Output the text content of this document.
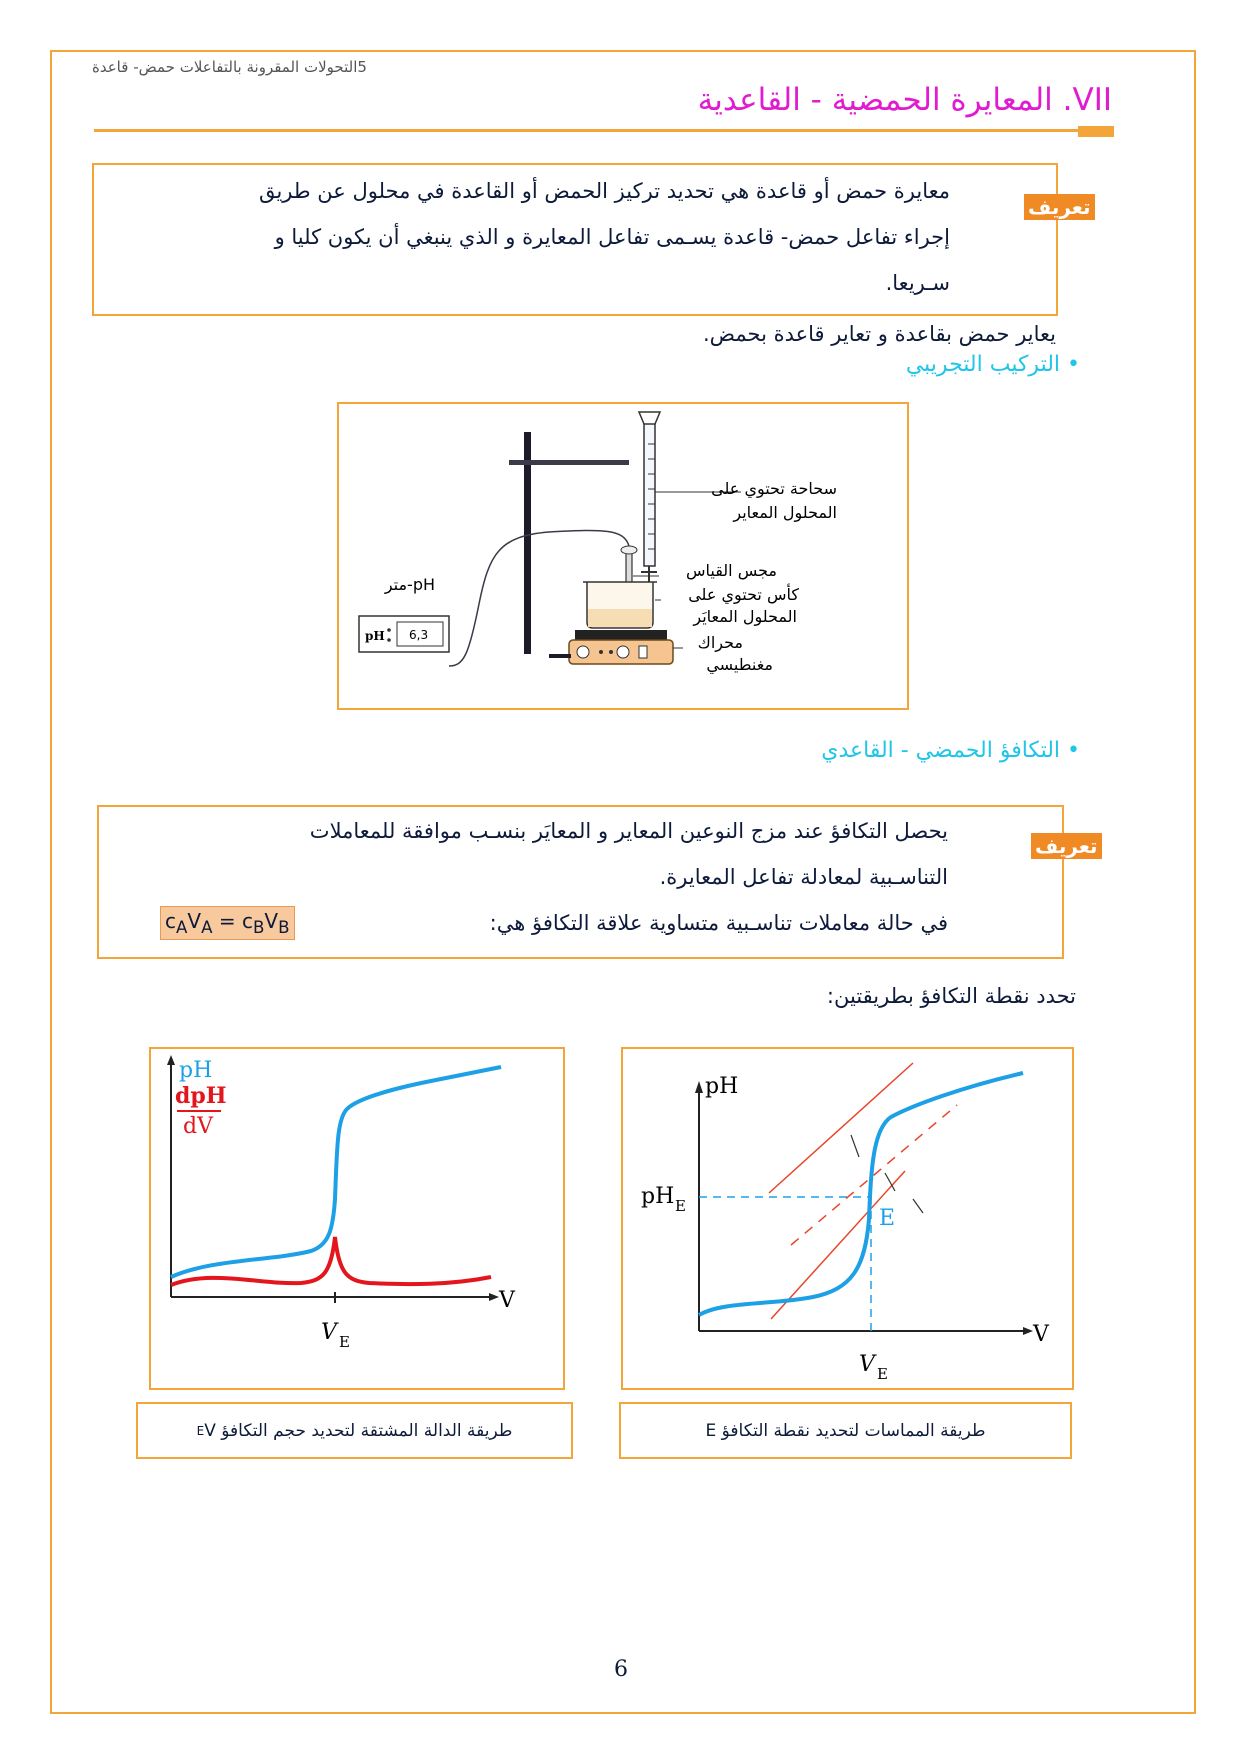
5التحولات المقرونة بالتفاعلات حمض- قاعدة
VII. المعايرة الحمضية - القاعدية
تعريف
معايرة حمض أو قاعدة هي تحديد تركيز الحمض أو القاعدة في محلول عن طريق
إجراء تفاعل حمض- قاعدة يسـمى تفاعل المعايرة و الذي ينبغي أن يكون كليا و
سـريعا.
يعاير حمض بقاعدة و تعاير قاعدة بحمض.
• التركيب التجريبي
pH 6,3
pH-متر
سحاحة تحتوي على
المحلول المعاير
مجس القياس
كأس تحتوي على
المحلول المعايَر
محراك
مغنطيسي
• التكافؤ الحمضي - القاعدي
تعريف
يحصل التكافؤ عند مزج النوعين المعاير و المعايَر بنسـب موافقة للمعاملات
التناسـبية لمعادلة تفاعل المعايرة.
في حالة معاملات تناسـبية متساوية علاقة التكافؤ هي:
$c_AV_A = c_BV_B$
تحدد نقطة التكافؤ بطريقتين:
pH
dpH
dV
V
V E
pH
pH E	E
V
V E
طريقة الدالة المشتقة لتحديد حجم التكافؤ V
E	طريقة المماسات لتحديد نقطة التكافؤ E
6
